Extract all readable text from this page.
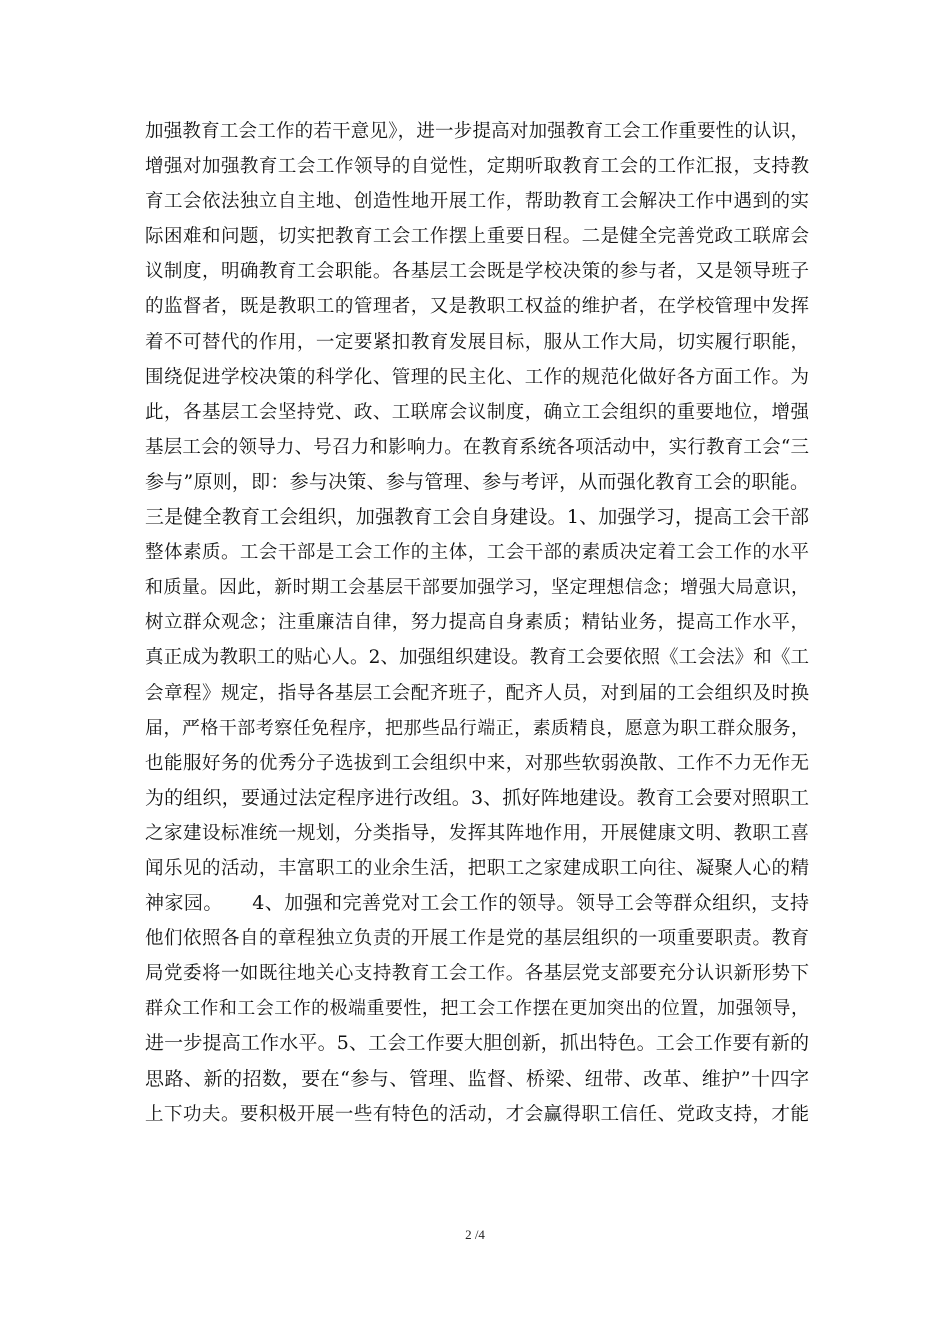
加强教育工会工作的若干意见》，进一步提高对加强教育工会工作重要性的认识，
增强对加强教育工会工作领导的自觉性，定期听取教育工会的工作汇报，支持教
育工会依法独立自主地、创造性地开展工作，帮助教育工会解决工作中遇到的实
际困难和问题，切实把教育工会工作摆上重要日程。二是健全完善党政工联席会
议制度，明确教育工会职能。各基层工会既是学校决策的参与者，又是领导班子
的监督者，既是教职工的管理者，又是教职工权益的维护者，在学校管理中发挥
着不可替代的作用，一定要紧扣教育发展目标，服从工作大局，切实履行职能，
围绕促进学校决策的科学化、管理的民主化、工作的规范化做好各方面工作。为
此，各基层工会坚持党、政、工联席会议制度，确立工会组织的重要地位，增强
基层工会的领导力、号召力和影响力。在教育系统各项活动中，实行教育工会“三
参与”原则，即：参与决策、参与管理、参与考评，从而强化教育工会的职能。
三是健全教育工会组织，加强教育工会自身建设。1、加强学习，提高工会干部
整体素质。工会干部是工会工作的主体，工会干部的素质决定着工会工作的水平
和质量。因此，新时期工会基层干部要加强学习，坚定理想信念；增强大局意识，
树立群众观念；注重廉洁自律，努力提高自身素质；精钻业务，提高工作水平，
真正成为教职工的贴心人。2、加强组织建设。教育工会要依照《工会法》和《工
会章程》规定，指导各基层工会配齐班子，配齐人员，对到届的工会组织及时换
届，严格干部考察任免程序，把那些品行端正，素质精良，愿意为职工群众服务，
也能服好务的优秀分子选拔到工会组织中来，对那些软弱涣散、工作不力无作无
为的组织，要通过法定程序进行改组。3、抓好阵地建设。教育工会要对照职工
之家建设标准统一规划，分类指导，发挥其阵地作用，开展健康文明、教职工喜
闻乐见的活动，丰富职工的业余生活，把职工之家建成职工向往、凝聚人心的精
神家园。　　4、加强和完善党对工会工作的领导。领导工会等群众组织，支持
他们依照各自的章程独立负责的开展工作是党的基层组织的一项重要职责。教育
局党委将一如既往地关心支持教育工会工作。各基层党支部要充分认识新形势下
群众工作和工会工作的极端重要性，把工会工作摆在更加突出的位置，加强领导，
进一步提高工作水平。5、工会工作要大胆创新，抓出特色。工会工作要有新的
思路、新的招数，要在“参与、管理、监督、桥梁、纽带、改革、维护”十四字
上下功夫。要积极开展一些有特色的活动，才会赢得职工信任、党政支持，才能
2 /4
